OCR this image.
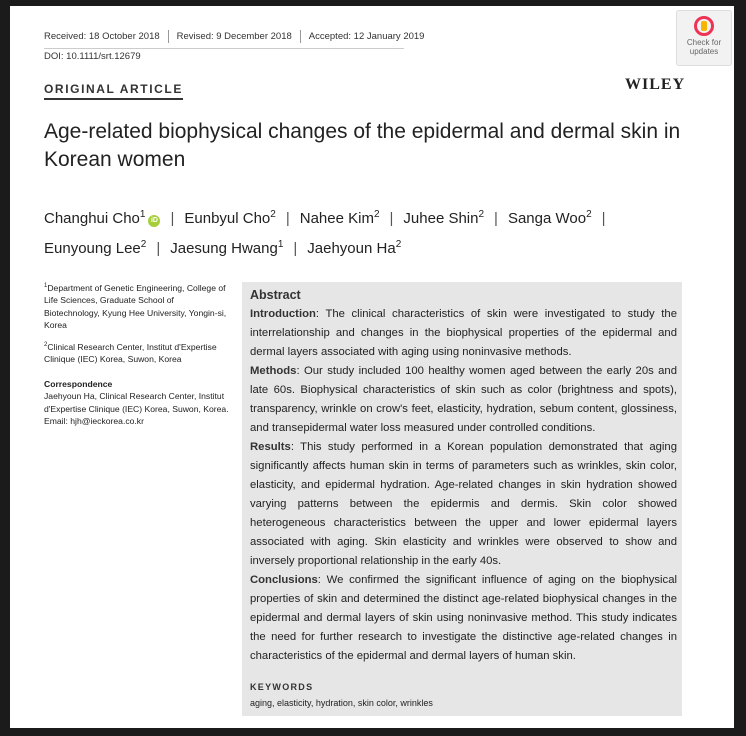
Received: 18 October 2018 Revised: 9 December 2018 Accepted: 12 January 2019
DOI: 10.1111/srt.12679
Check for updates
ORIGINAL ARTICLE	WILEY
Age-related biophysical changes of the epidermal and dermal skin in Korean women
Changhui Cho$^1$iD | Eunbyul Cho$^2$ | Nahee Kim$^2$ | Juhee Shin$^2$ | Sanga Woo$^2$ |
Eunyoung Lee$^2$ | Jaesung Hwang$^1$ | Jaehyoun Ha$^2$

$^1$Department of Genetic Engineering, College of Life Sciences, Graduate School of Biotechnology, Kyung Hee University, Yongin-si, Korea

$^2$Clinical Research Center, Institut d'Expertise Clinique (IEC) Korea, Suwon, Korea

Correspondence

Jaehyoun Ha, Clinical Research Center, Institut d'Expertise Clinique (IEC) Korea, Suwon, Korea.
Email: hjh@ieckorea.co.kr

Abstract

Introduction: The clinical characteristics of skin were investigated to study the interrelationship and changes in the biophysical properties of the epidermal and dermal layers associated with aging using noninvasive methods.

Methods: Our study included 100 healthy women aged between the early 20s and late 60s. Biophysical characteristics of skin such as color (brightness and spots), transparency, wrinkle on crow's feet, elasticity, hydration, sebum content, glossiness, and transepidermal water loss measured under controlled conditions.

Results: This study performed in a Korean population demonstrated that aging significantly affects human skin in terms of parameters such as wrinkles, skin color, elasticity, and epidermal hydration. Age-related changes in skin hydration showed varying patterns between the epidermis and dermis. Skin color showed heterogeneous characteristics between the upper and lower epidermal layers associated with aging. Skin elasticity and wrinkles were observed to show and inversely proportional relationship in the early 40s.

Conclusions: We confirmed the significant influence of aging on the biophysical properties of skin and determined the distinct age-related biophysical changes in the epidermal and dermal layers of skin using noninvasive method. This study indicates the need for further research to investigate the distinctive age-related changes in characteristics of the epidermal and dermal layers of human skin.

KEYWORDS
aging, elasticity, hydration, skin color, wrinkles
